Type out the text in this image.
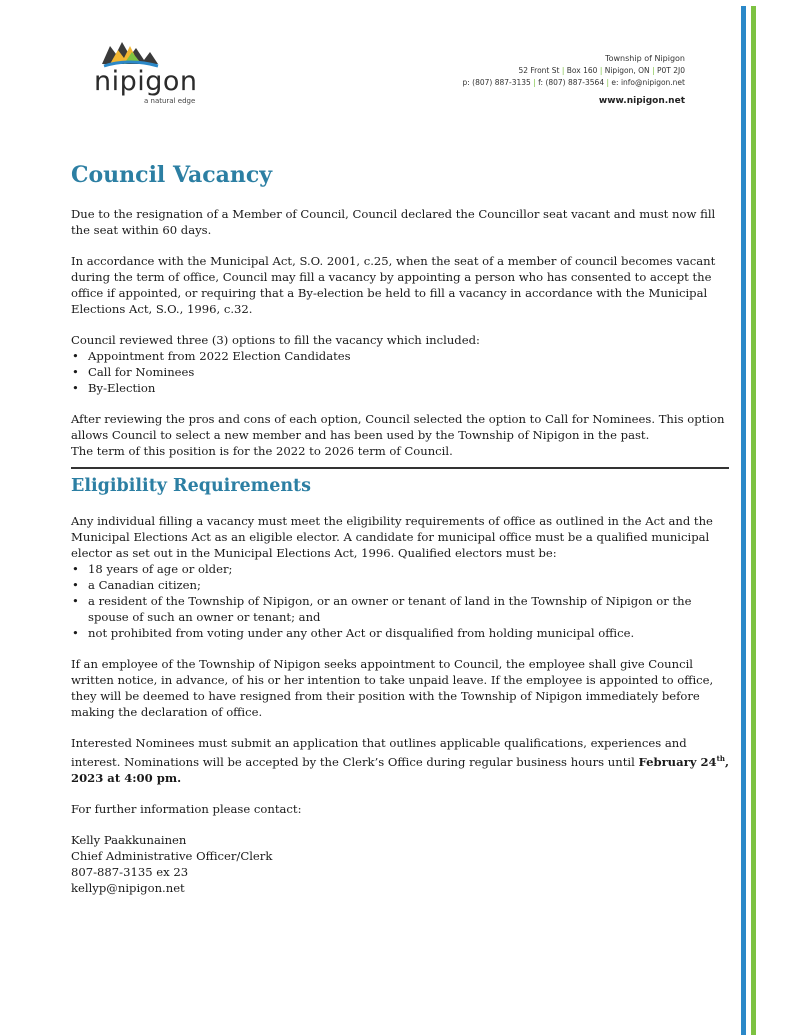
nipigon
a natural edge
Township of Nipigon
52 Front St | Box 160 | Nipigon, ON | P0T 2J0
p: (807) 887-3135 | f: (807) 887-3564 | e: info@nipigon.net
www.nipigon.net
Council Vacancy

Due to the resignation of a Member of Council, Council declared the Councillor seat vacant and must now fill the seat within 60 days.

In accordance with the Municipal Act, S.O. 2001, c.25, when the seat of a member of council becomes vacant during the term of office, Council may fill a vacancy by appointing a person who has consented to accept the office if appointed, or requiring that a By-election be held to fill a vacancy in accordance with the Municipal Elections Act, S.O., 1996, c.32.

Council reviewed three (3) options to fill the vacancy which included:
• Appointment from 2022 Election Candidates
• Call for Nominees
• By-Election

After reviewing the pros and cons of each option, Council selected the option to Call for Nominees. This option allows Council to select a new member and has been used by the Township of Nipigon in the past.

The term of this position is for the 2022 to 2026 term of Council.

Eligibility Requirements
Any individual filling a vacancy must meet the eligibility requirements of office as outlined in the Act and the Municipal Elections Act as an eligible elector. A candidate for municipal office must be a qualified municipal elector as set out in the Municipal Elections Act, 1996. Qualified electors must be:
• 18 years of age or older;
• a Canadian citizen;
• a resident of the Township of Nipigon, or an owner or tenant of land in the Township of Nipigon or the spouse of such an owner or tenant; and
• not prohibited from voting under any other Act or disqualified from holding municipal office.

If an employee of the Township of Nipigon seeks appointment to Council, the employee shall give Council written notice, in advance, of his or her intention to take unpaid leave. If the employee is appointed to office, they will be deemed to have resigned from their position with the Township of Nipigon immediately before making the declaration of office.

Interested Nominees must submit an application that outlines applicable qualifications, experiences and interest. Nominations will be accepted by the Clerk’s Office during regular business hours until February 24th, 2023 at 4:00 pm.

For further information please contact:

Kelly Paakkunainen
Chief Administrative Officer/Clerk
807-887-3135 ex 23
kellyp@nipigon.net
